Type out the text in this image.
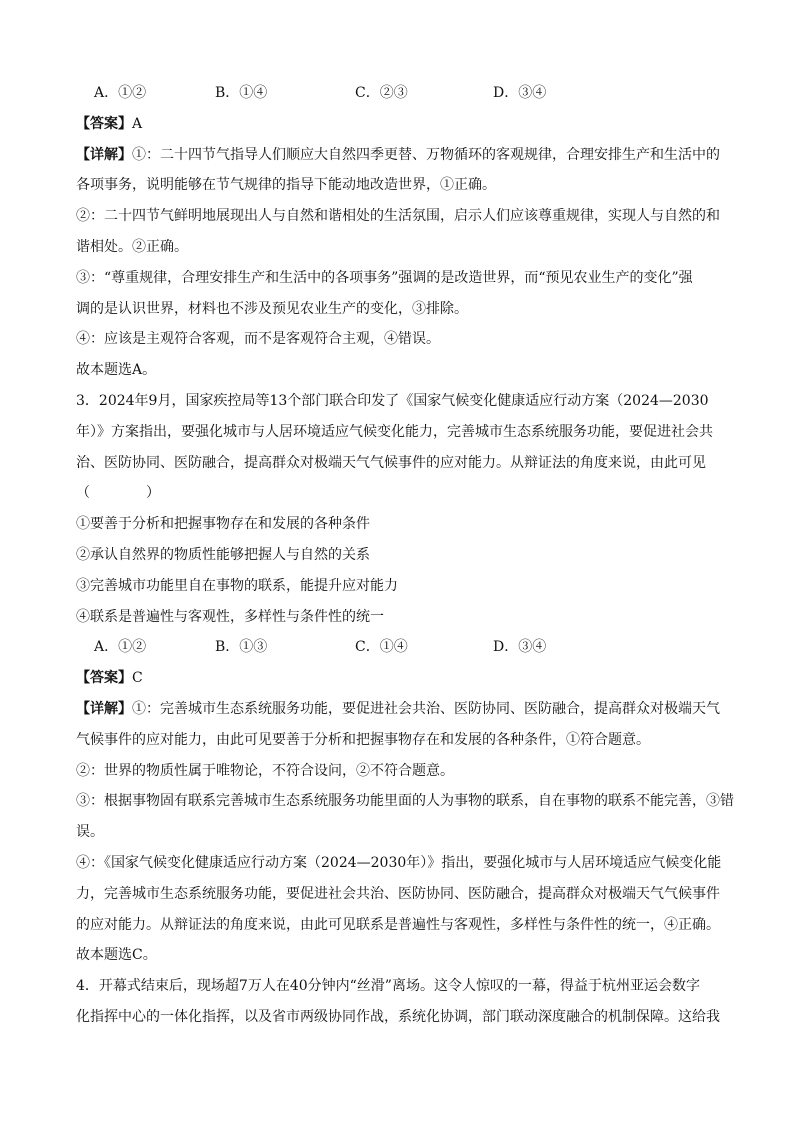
A．①②	B．①④	C．②③	D．③④
【答案】A
【详解】①：二十四节气指导人们顺应大自然四季更替、万物循环的客观规律，合理安排生产和生活中的
各项事务，说明能够在节气规律的指导下能动地改造世界，①正确。
②：二十四节气鲜明地展现出人与自然和谐相处的生活氛围，启示人们应该尊重规律，实现人与自然的和
谐相处。②正确。
③：“尊重规律，合理安排生产和生活中的各项事务”强调的是改造世界，而“预见农业生产的变化”强
调的是认识世界，材料也不涉及预见农业生产的变化，③排除。
④：应该是主观符合客观，而不是客观符合主观，④错误。
故本题选A。
3．2024年9月，国家疾控局等13个部门联合印发了《国家气候变化健康适应行动方案（2024—2030
年）》方案指出，要强化城市与人居环境适应气候变化能力，完善城市生态系统服务功能，要促进社会共
治、医防协同、医防融合，提高群众对极端天气气候事件的应对能力。从辩证法的角度来说，由此可见
（　　　　）
①要善于分析和把握事物存在和发展的各种条件
②承认自然界的物质性能够把握人与自然的关系
③完善城市功能里自在事物的联系，能提升应对能力
④联系是普遍性与客观性，多样性与条件性的统一
A．①②	B．①③	C．①④	D．③④
【答案】C
【详解】①：完善城市生态系统服务功能，要促进社会共治、医防协同、医防融合，提高群众对极端天气
气候事件的应对能力，由此可见要善于分析和把握事物存在和发展的各种条件，①符合题意。
②：世界的物质性属于唯物论，不符合设问，②不符合题意。
③：根据事物固有联系完善城市生态系统服务功能里面的人为事物的联系，自在事物的联系不能完善，③错
误。
④：《国家气候变化健康适应行动方案（2024—2030年）》指出，要强化城市与人居环境适应气候变化能
力，完善城市生态系统服务功能，要促进社会共治、医防协同、医防融合，提高群众对极端天气气候事件
的应对能力。从辩证法的角度来说，由此可见联系是普遍性与客观性，多样性与条件性的统一，④正确。
故本题选C。
4．开幕式结束后，现场超7万人在40分钟内“丝滑”离场。这令人惊叹的一幕，得益于杭州亚运会数字
化指挥中心的一体化指挥，以及省市两级协同作战，系统化协调，部门联动深度融合的机制保障。这给我
